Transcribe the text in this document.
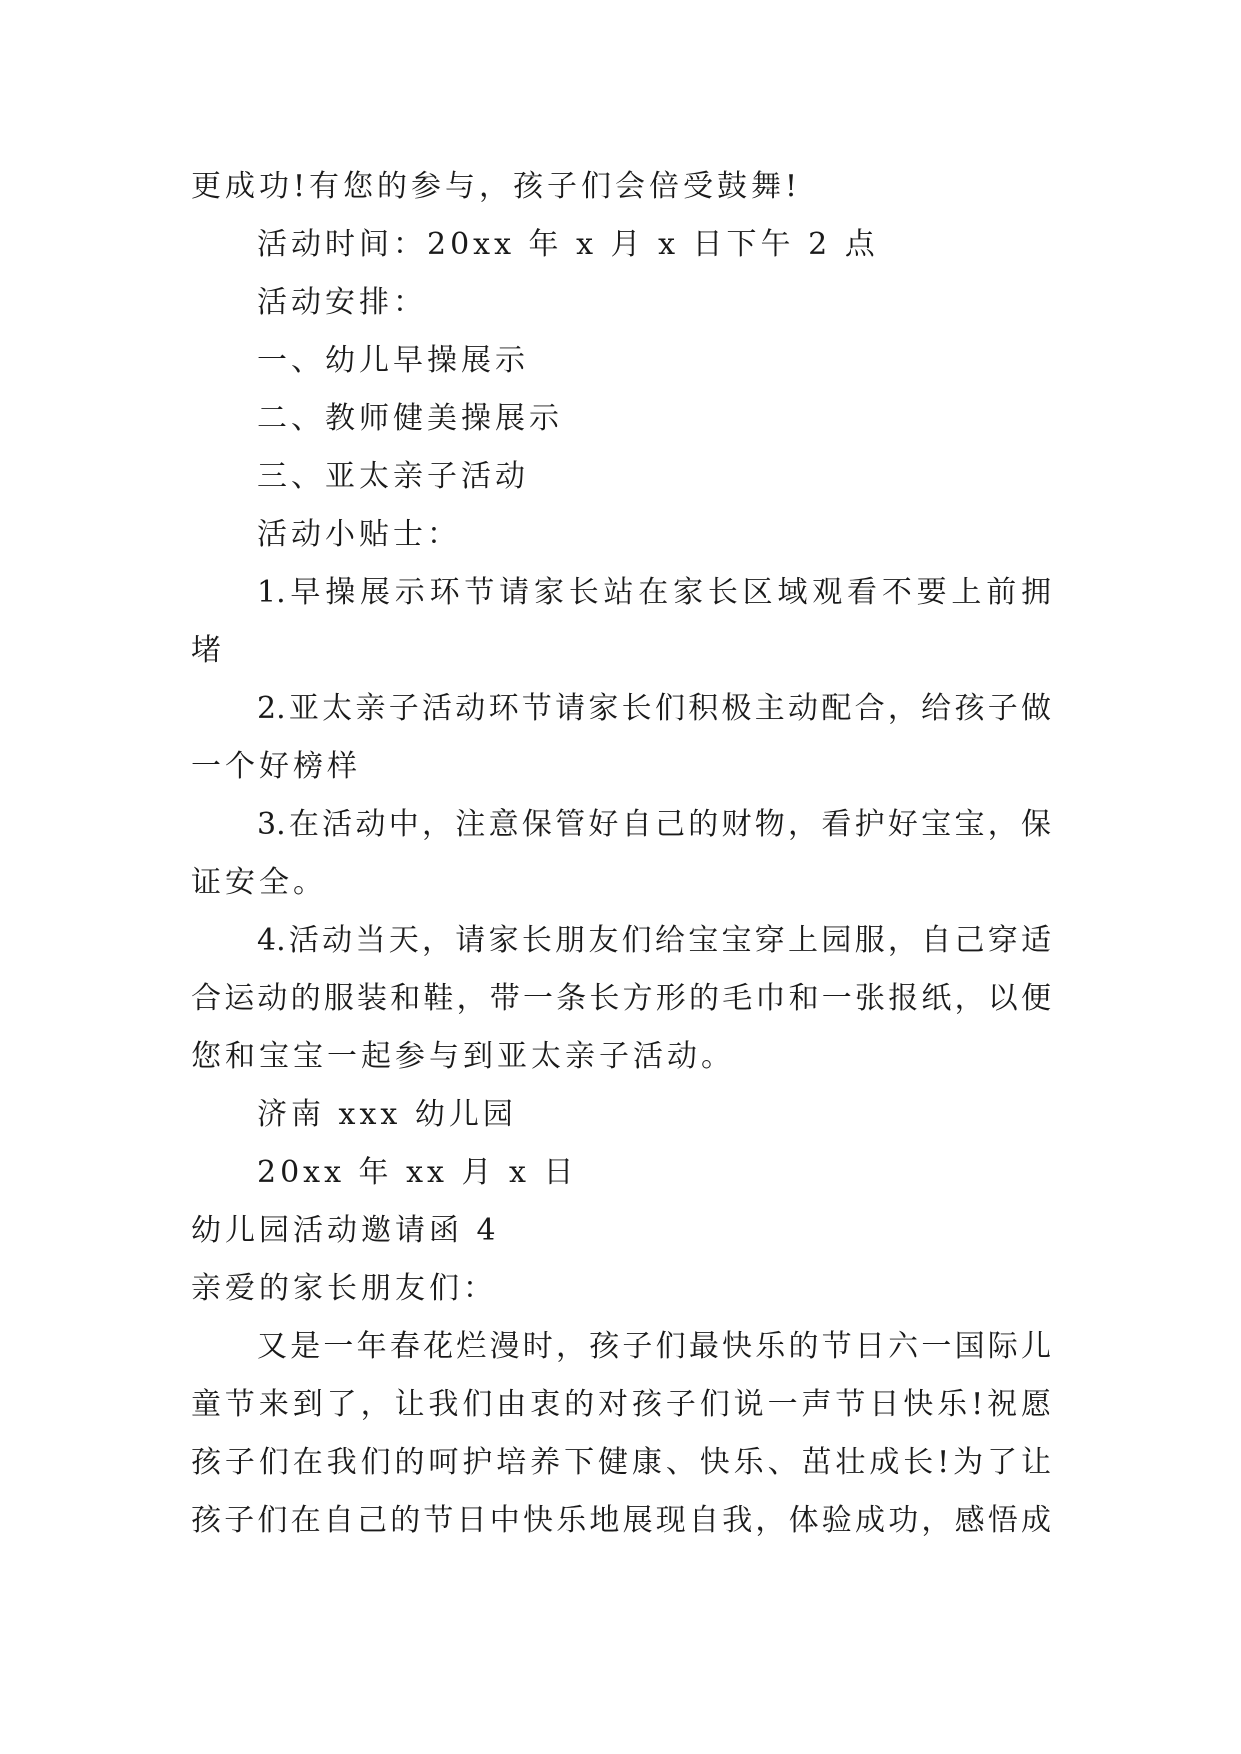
更成功!有您的参与，孩子们会倍受鼓舞!
活动时间：20xx 年 x 月 x 日下午 2 点
活动安排：
一、幼儿早操展示
二、教师健美操展示
三、亚太亲子活动
活动小贴士：
1.早操展示环节请家长站在家长区域观看不要上前拥
堵
2.亚太亲子活动环节请家长们积极主动配合，给孩子做
一个好榜样
3.在活动中，注意保管好自己的财物，看护好宝宝，保
证安全。
4.活动当天，请家长朋友们给宝宝穿上园服，自己穿适
合运动的服装和鞋，带一条长方形的毛巾和一张报纸，以便
您和宝宝一起参与到亚太亲子活动。
济南 xxx 幼儿园
20xx 年 xx 月 x 日
幼儿园活动邀请函 4
亲爱的家长朋友们：
又是一年春花烂漫时，孩子们最快乐的节日六一国际儿
童节来到了，让我们由衷的对孩子们说一声节日快乐!祝愿
孩子们在我们的呵护培养下健康、快乐、茁壮成长!为了让
孩子们在自己的节日中快乐地展现自我，体验成功，感悟成
